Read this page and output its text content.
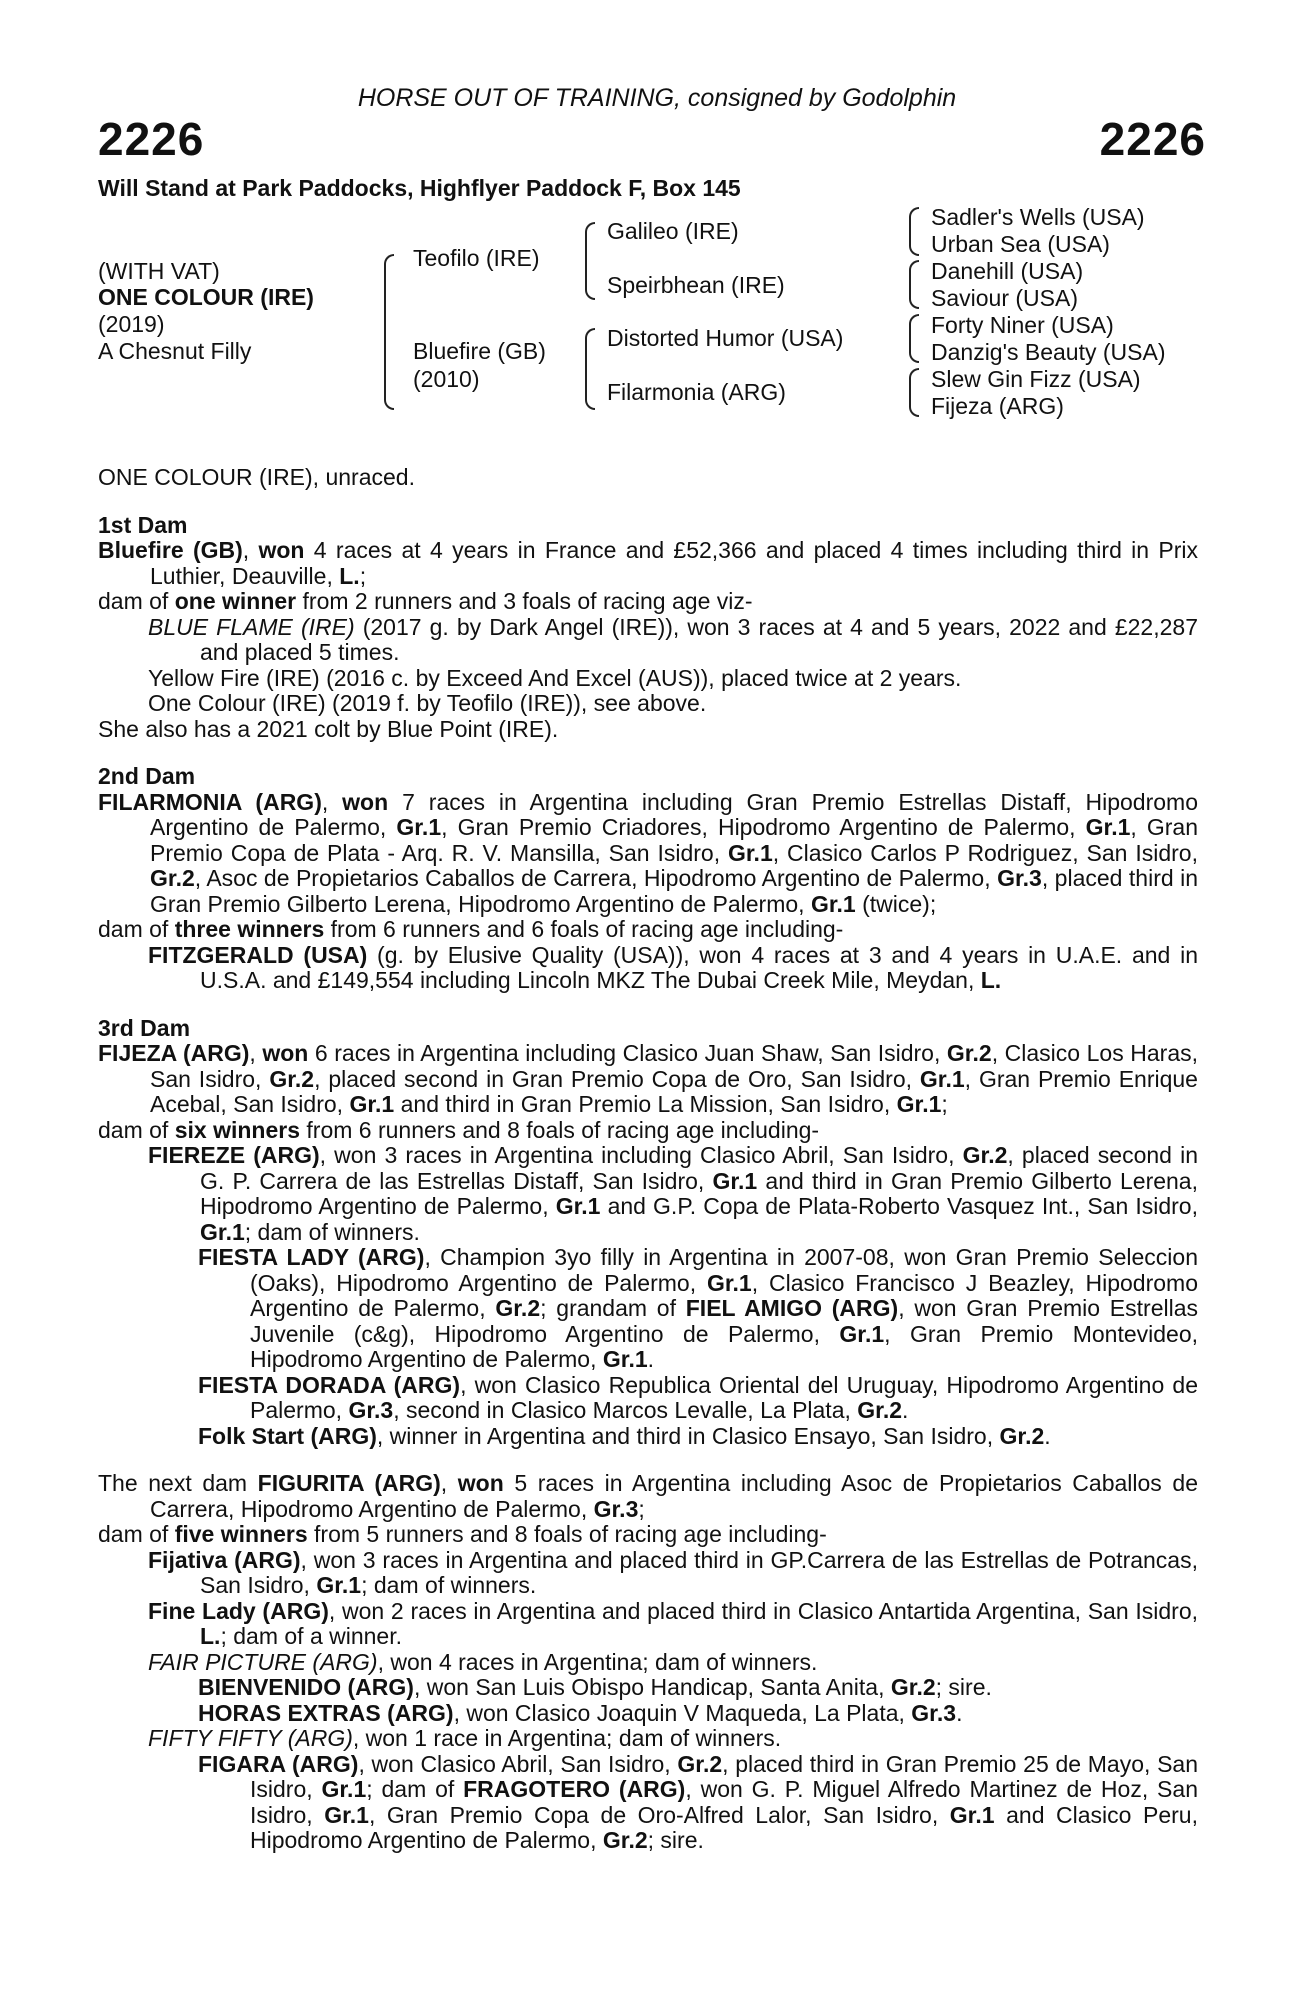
HORSE OUT OF TRAINING, consigned by Godolphin
2226	2226
Will Stand at Park Paddocks, Highflyer Paddock F, Box 145
(WITH VAT)
ONE COLOUR (IRE)
(2019)
A Chesnut Filly
Teofilo (IRE)
Bluefire (GB)
(2010)
Galileo (IRE)
Speirbhean (IRE)
Distorted Humor (USA)
Filarmonia (ARG)
Sadler's Wells (USA)
Urban Sea (USA)
Danehill (USA)
Saviour (USA)
Forty Niner (USA)
Danzig's Beauty (USA)
Slew Gin Fizz (USA)
Fijeza (ARG)

ONE COLOUR (IRE), unraced.

1st Dam

Bluefire (GB), won 4 races at 4 years in France and £52,366 and placed 4 times including third in Prix Luthier, Deauville, L.;

dam of one winner from 2 runners and 3 foals of racing age viz-

BLUE FLAME (IRE) (2017 g. by Dark Angel (IRE)), won 3 races at 4 and 5 years, 2022 and £22,287 and placed 5 times.

Yellow Fire (IRE) (2016 c. by Exceed And Excel (AUS)), placed twice at 2 years.

One Colour (IRE) (2019 f. by Teofilo (IRE)), see above.

She also has a 2021 colt by Blue Point (IRE).

2nd Dam

FILARMONIA (ARG), won 7 races in Argentina including Gran Premio Estrellas Distaff, Hipodromo Argentino de Palermo, Gr.1, Gran Premio Criadores, Hipodromo Argentino de Palermo, Gr.1, Gran Premio Copa de Plata - Arq. R. V. Mansilla, San Isidro, Gr.1, Clasico Carlos P Rodriguez, San Isidro, Gr.2, Asoc de Propietarios Caballos de Carrera, Hipodromo Argentino de Palermo, Gr.3, placed third in Gran Premio Gilberto Lerena, Hipodromo Argentino de Palermo, Gr.1 (twice);

dam of three winners from 6 runners and 6 foals of racing age including-

FITZGERALD (USA) (g. by Elusive Quality (USA)), won 4 races at 3 and 4 years in U.A.E. and in U.S.A. and £149,554 including Lincoln MKZ The Dubai Creek Mile, Meydan, L.

3rd Dam

FIJEZA (ARG), won 6 races in Argentina including Clasico Juan Shaw, San Isidro, Gr.2, Clasico Los Haras, San Isidro, Gr.2, placed second in Gran Premio Copa de Oro, San Isidro, Gr.1, Gran Premio Enrique Acebal, San Isidro, Gr.1 and third in Gran Premio La Mission, San Isidro, Gr.1;

dam of six winners from 6 runners and 8 foals of racing age including-

FIEREZE (ARG), won 3 races in Argentina including Clasico Abril, San Isidro, Gr.2, placed second in G. P. Carrera de las Estrellas Distaff, San Isidro, Gr.1 and third in Gran Premio Gilberto Lerena, Hipodromo Argentino de Palermo, Gr.1 and G.P. Copa de Plata-Roberto Vasquez Int., San Isidro, Gr.1; dam of winners.

FIESTA LADY (ARG), Champion 3yo filly in Argentina in 2007-08, won Gran Premio Seleccion (Oaks), Hipodromo Argentino de Palermo, Gr.1, Clasico Francisco J Beazley, Hipodromo Argentino de Palermo, Gr.2; grandam of FIEL AMIGO (ARG), won Gran Premio Estrellas Juvenile (c&g), Hipodromo Argentino de Palermo, Gr.1, Gran Premio Montevideo, Hipodromo Argentino de Palermo, Gr.1.

FIESTA DORADA (ARG), won Clasico Republica Oriental del Uruguay, Hipodromo Argentino de Palermo, Gr.3, second in Clasico Marcos Levalle, La Plata, Gr.2.

Folk Start (ARG), winner in Argentina and third in Clasico Ensayo, San Isidro, Gr.2.

The next dam FIGURITA (ARG), won 5 races in Argentina including Asoc de Propietarios Caballos de Carrera, Hipodromo Argentino de Palermo, Gr.3;

dam of five winners from 5 runners and 8 foals of racing age including-

Fijativa (ARG), won 3 races in Argentina and placed third in GP.Carrera de las Estrellas de Potrancas, San Isidro, Gr.1; dam of winners.

Fine Lady (ARG), won 2 races in Argentina and placed third in Clasico Antartida Argentina, San Isidro, L.; dam of a winner.

FAIR PICTURE (ARG), won 4 races in Argentina; dam of winners.

BIENVENIDO (ARG), won San Luis Obispo Handicap, Santa Anita, Gr.2; sire.

HORAS EXTRAS (ARG), won Clasico Joaquin V Maqueda, La Plata, Gr.3.

FIFTY FIFTY (ARG), won 1 race in Argentina; dam of winners.

FIGARA (ARG), won Clasico Abril, San Isidro, Gr.2, placed third in Gran Premio 25 de Mayo, San Isidro, Gr.1; dam of FRAGOTERO (ARG), won G. P. Miguel Alfredo Martinez de Hoz, San Isidro, Gr.1, Gran Premio Copa de Oro-Alfred Lalor, San Isidro, Gr.1 and Clasico Peru, Hipodromo Argentino de Palermo, Gr.2; sire.
